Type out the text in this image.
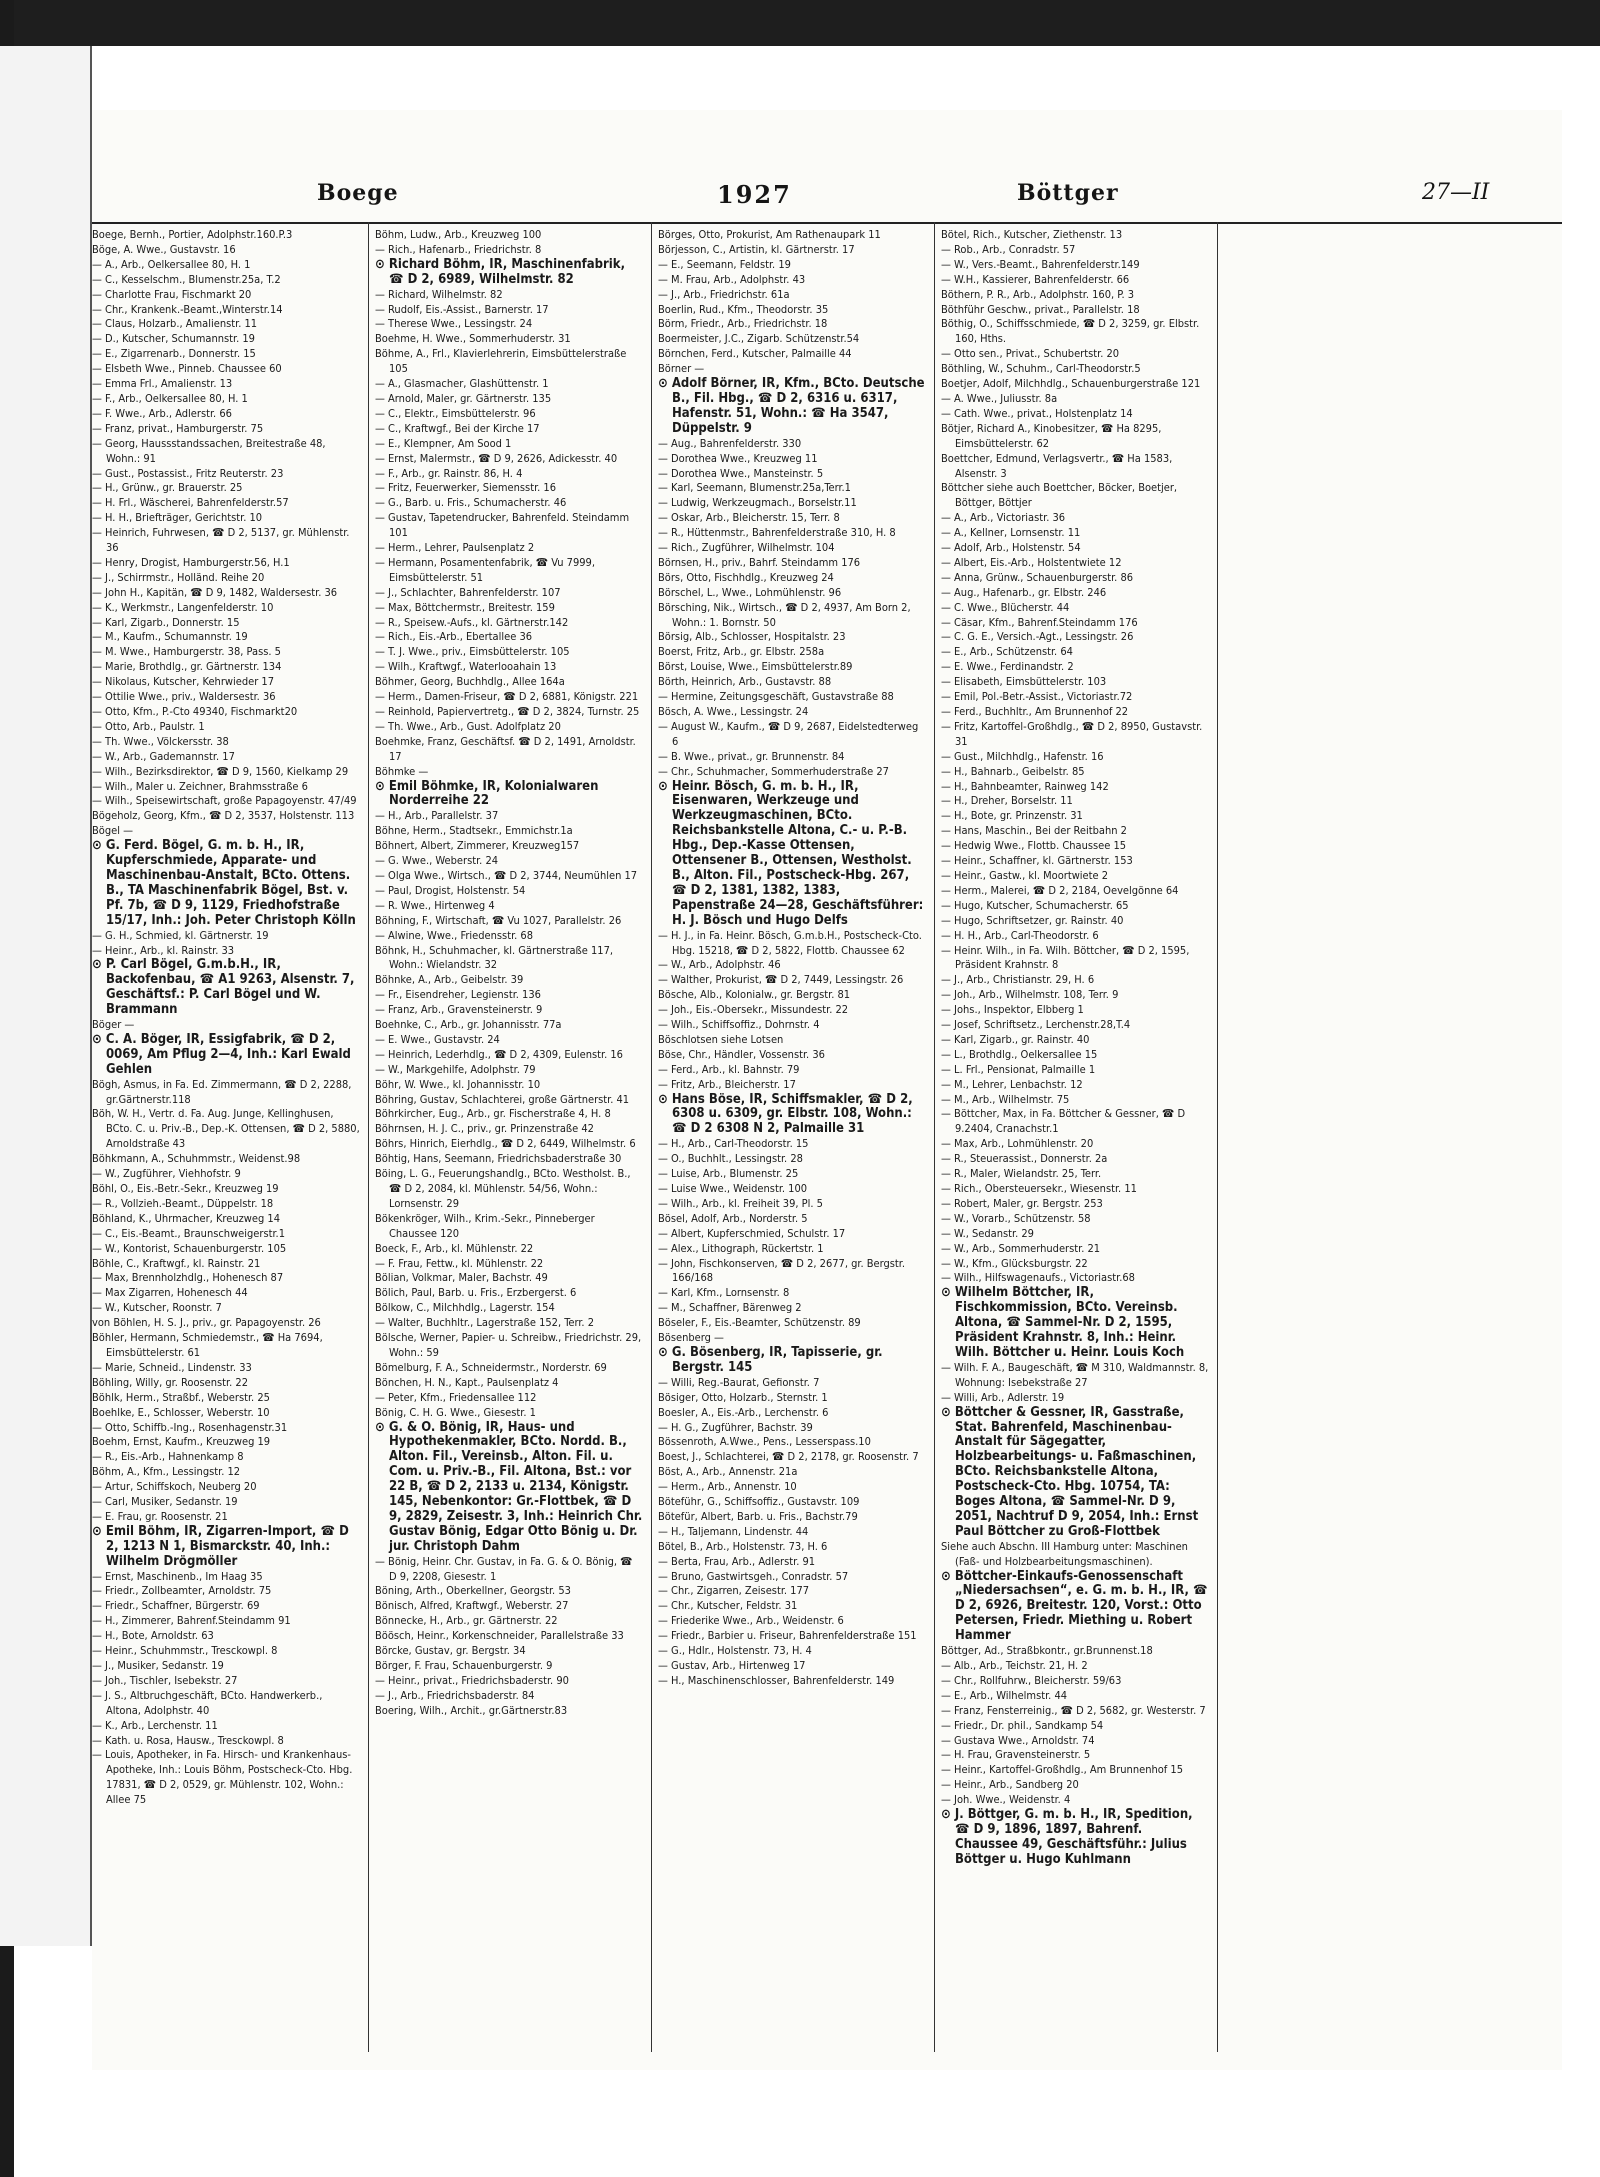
Boege	1927	Böttger	27—II

Boege, Bernh., Portier, Adolphstr.160.P.3

Böge, A. Wwe., Gustavstr. 16

— A., Arb., Oelkersallee 80, H. 1

— C., Kesselschm., Blumenstr.25a, T.2

— Charlotte Frau, Fischmarkt 20

— Chr., Krankenk.-Beamt.,Winterstr.14

— Claus, Holzarb., Amalienstr. 11

— D., Kutscher, Schumannstr. 19

— E., Zigarrenarb., Donnerstr. 15

— Elsbeth Wwe., Pinneb. Chaussee 60

— Emma Frl., Amalienstr. 13

— F., Arb., Oelkersallee 80, H. 1

— F. Wwe., Arb., Adlerstr. 66

— Franz, privat., Hamburgerstr. 75

— Georg, Haussstandssachen, Breitestraße 48, Wohn.: 91

— Gust., Postassist., Fritz Reuterstr. 23

— H., Grünw., gr. Brauerstr. 25

— H. Frl., Wäscherei, Bahrenfelderstr.57

— H. H., Briefträger, Gerichtstr. 10

— Heinrich, Fuhrwesen, ☎ D 2, 5137, gr. Mühlenstr. 36

— Henry, Drogist, Hamburgerstr.56, H.1

— J., Schirrmstr., Holländ. Reihe 20

— John H., Kapitän, ☎ D 9, 1482, Waldersestr. 36

— K., Werkmstr., Langenfelderstr. 10

— Karl, Zigarb., Donnerstr. 15

— M., Kaufm., Schumannstr. 19

— M. Wwe., Hamburgerstr. 38, Pass. 5

— Marie, Brothdlg., gr. Gärtnerstr. 134

— Nikolaus, Kutscher, Kehrwieder 17

— Ottilie Wwe., priv., Waldersestr. 36

— Otto, Kfm., P.-Cto 49340, Fischmarkt20

— Otto, Arb., Paulstr. 1

— Th. Wwe., Völckersstr. 38

— W., Arb., Gademannstr. 17

— Wilh., Bezirksdirektor, ☎ D 9, 1560, Kielkamp 29

— Wilh., Maler u. Zeichner, Brahmsstraße 6

— Wilh., Speisewirtschaft, große Papagoyenstr. 47/49

Bögeholz, Georg, Kfm., ☎ D 2, 3537, Holstenstr. 113

Bögel —

⊙ G. Ferd. Bögel, G. m. b. H., IR, Kupferschmiede, Apparate- und Maschinenbau-Anstalt, BCto. Ottens. B., TA Maschinenfabrik Bögel, Bst. v. Pf. 7b, ☎ D 9, 1129, Friedhofstraße 15/17, Inh.: Joh. Peter Christoph Kölln

— G. H., Schmied, kl. Gärtnerstr. 19

— Heinr., Arb., kl. Rainstr. 33

⊙ P. Carl Bögel, G.m.b.H., IR, Backofenbau, ☎ A1 9263, Alsenstr. 7, Geschäftsf.: P. Carl Bögel und W. Brammann

Böger —

⊙ C. A. Böger, IR, Essigfabrik, ☎ D 2, 0069, Am Pflug 2—4, Inh.: Karl Ewald Gehlen

Bögh, Asmus, in Fa. Ed. Zimmermann, ☎ D 2, 2288, gr.Gärtnerstr.118

Böh, W. H., Vertr. d. Fa. Aug. Junge, Kellinghusen, BCto. C. u. Priv.-B., Dep.-K. Ottensen, ☎ D 2, 5880, Arnoldstraße 43

Böhkmann, A., Schuhmmstr., Weidenst.98

— W., Zugführer, Viehhofstr. 9

Böhl, O., Eis.-Betr.-Sekr., Kreuzweg 19

— R., Vollzieh.-Beamt., Düppelstr. 18

Böhland, K., Uhrmacher, Kreuzweg 14

— C., Eis.-Beamt., Braunschweigerstr.1

— W., Kontorist, Schauenburgerstr. 105

Böhle, C., Kraftwgf., kl. Rainstr. 21

— Max, Brennholzhdlg., Hohenesch 87

— Max Zigarren, Hohenesch 44

— W., Kutscher, Roonstr. 7

von Böhlen, H. S. J., priv., gr. Papagoyenstr. 26

Böhler, Hermann, Schmiedemstr., ☎ Ha 7694, Eimsbüttelerstr. 61

— Marie, Schneid., Lindenstr. 33

Böhling, Willy, gr. Roosenstr. 22

Böhlk, Herm., Straßbf., Weberstr. 25

Boehlke, E., Schlosser, Weberstr. 10

— Otto, Schiffb.-Ing., Rosenhagenstr.31

Boehm, Ernst, Kaufm., Kreuzweg 19

— R., Eis.-Arb., Hahnenkamp 8

Böhm, A., Kfm., Lessingstr. 12

— Artur, Schiffskoch, Neuberg 20

— Carl, Musiker, Sedanstr. 19

— E. Frau, gr. Roosenstr. 21

⊙ Emil Böhm, IR, Zigarren-Import, ☎ D 2, 1213 N 1, Bismarckstr. 40, Inh.: Wilhelm Drögmöller

— Ernst, Maschinenb., Im Haag 35

— Friedr., Zollbeamter, Arnoldstr. 75

— Friedr., Schaffner, Bürgerstr. 69

— H., Zimmerer, Bahrenf.Steindamm 91

— H., Bote, Arnoldstr. 63

— Heinr., Schuhmmstr., Tresckowpl. 8

— J., Musiker, Sedanstr. 19

— Joh., Tischler, Isebekstr. 27

— J. S., Altbruchgeschäft, BCto. Handwerkerb., Altona, Adolphstr. 40

— K., Arb., Lerchenstr. 11

— Kath. u. Rosa, Hausw., Tresckowpl. 8

— Louis, Apotheker, in Fa. Hirsch- und Krankenhaus-Apotheke, Inh.: Louis Böhm, Postscheck-Cto. Hbg. 17831, ☎ D 2, 0529, gr. Mühlenstr. 102, Wohn.: Allee 75

Böhm, Ludw., Arb., Kreuzweg 100

— Rich., Hafenarb., Friedrichstr. 8

⊙ Richard Böhm, IR, Maschinenfabrik, ☎ D 2, 6989, Wilhelmstr. 82

— Richard, Wilhelmstr. 82

— Rudolf, Eis.-Assist., Barnerstr. 17

— Therese Wwe., Lessingstr. 24

Boehme, H. Wwe., Sommerhuderstr. 31

Böhme, A., Frl., Klavierlehrerin, Eimsbüttelerstraße 105

— A., Glasmacher, Glashüttenstr. 1

— Arnold, Maler, gr. Gärtnerstr. 135

— C., Elektr., Eimsbüttelerstr. 96

— C., Kraftwgf., Bei der Kirche 17

— E., Klempner, Am Sood 1

— Ernst, Malermstr., ☎ D 9, 2626, Adickesstr. 40

— F., Arb., gr. Rainstr. 86, H. 4

— Fritz, Feuerwerker, Siemensstr. 16

— G., Barb. u. Fris., Schumacherstr. 46

— Gustav, Tapetendrucker, Bahrenfeld. Steindamm 101

— Herm., Lehrer, Paulsenplatz 2

— Hermann, Posamentenfabrik, ☎ Vu 7999, Eimsbüttelerstr. 51

— J., Schlachter, Bahrenfelderstr. 107

— Max, Böttchermstr., Breitestr. 159

— R., Speisew.-Aufs., kl. Gärtnerstr.142

— Rich., Eis.-Arb., Ebertallee 36

— T. J. Wwe., priv., Eimsbüttelerstr. 105

— Wilh., Kraftwgf., Waterlooahain 13

Böhmer, Georg, Buchhdlg., Allee 164a

— Herm., Damen-Friseur, ☎ D 2, 6881, Königstr. 221

— Reinhold, Papiervertretg., ☎ D 2, 3824, Turnstr. 25

— Th. Wwe., Arb., Gust. Adolfplatz 20

Boehmke, Franz, Geschäftsf. ☎ D 2, 1491, Arnoldstr. 17

Böhmke —

⊙ Emil Böhmke, IR, Kolonialwaren Norderreihe 22

— H., Arb., Parallelstr. 37

Böhne, Herm., Stadtsekr., Emmichstr.1a

Böhnert, Albert, Zimmerer, Kreuzweg157

— G. Wwe., Weberstr. 24

— Olga Wwe., Wirtsch., ☎ D 2, 3744, Neumühlen 17

— Paul, Drogist, Holstenstr. 54

— R. Wwe., Hirtenweg 4

Böhning, F., Wirtschaft, ☎ Vu 1027, Parallelstr. 26

— Alwine, Wwe., Friedensstr. 68

Böhnk, H., Schuhmacher, kl. Gärtnerstraße 117, Wohn.: Wielandstr. 32

Böhnke, A., Arb., Geibelstr. 39

— Fr., Eisendreher, Legienstr. 136

— Franz, Arb., Gravensteinerstr. 9

Boehnke, C., Arb., gr. Johannisstr. 77a

— E. Wwe., Gustavstr. 24

— Heinrich, Lederhdlg., ☎ D 2, 4309, Eulenstr. 16

— W., Markgehilfe, Adolphstr. 79

Böhr, W. Wwe., kl. Johannisstr. 10

Böhring, Gustav, Schlachterei, große Gärtnerstr. 41

Böhrkircher, Eug., Arb., gr. Fischerstraße 4, H. 8

Böhrnsen, H. J. C., priv., gr. Prinzenstraße 42

Böhrs, Hinrich, Eierhdlg., ☎ D 2, 6449, Wilhelmstr. 6

Böhtig, Hans, Seemann, Friedrichsbaderstraße 30

Böing, L. G., Feuerungshandlg., BCto. Westholst. B., ☎ D 2, 2084, kl. Mühlenstr. 54/56, Wohn.: Lornsenstr. 29

Bökenkröger, Wilh., Krim.-Sekr., Pinneberger Chaussee 120

Boeck, F., Arb., kl. Mühlenstr. 22

— F. Frau, Fettw., kl. Mühlenstr. 22

Bölian, Volkmar, Maler, Bachstr. 49

Bölich, Paul, Barb. u. Fris., Erzbergerst. 6

Bölkow, C., Milchhdlg., Lagerstr. 154

— Walter, Buchhltr., Lagerstraße 152, Terr. 2

Bölsche, Werner, Papier- u. Schreibw., Friedrichstr. 29, Wohn.: 59

Bömelburg, F. A., Schneidermstr., Norderstr. 69

Bönchen, H. N., Kapt., Paulsenplatz 4

— Peter, Kfm., Friedensallee 112

Bönig, C. H. G. Wwe., Giesestr. 1

⊙ G. & O. Bönig, IR, Haus- und Hypothekenmakler, BCto. Nordd. B., Alton. Fil., Vereinsb., Alton. Fil. u. Com. u. Priv.-B., Fil. Altona, Bst.: vor 22 B, ☎ D 2, 2133 u. 2134, Königstr. 145, Nebenkontor: Gr.-Flottbek, ☎ D 9, 2829, Zeisestr. 3, Inh.: Heinrich Chr. Gustav Bönig, Edgar Otto Bönig u. Dr. jur. Christoph Dahm

— Bönig, Heinr. Chr. Gustav, in Fa. G. & O. Bönig, ☎ D 9, 2208, Giesestr. 1

Böning, Arth., Oberkellner, Georgstr. 53

Bönisch, Alfred, Kraftwgf., Weberstr. 27

Bönnecke, H., Arb., gr. Gärtnerstr. 22

Böösch, Heinr., Korkenschneider, Parallelstraße 33

Börcke, Gustav, gr. Bergstr. 34

Börger, F. Frau, Schauenburgerstr. 9

— Heinr., privat., Friedrichsbaderstr. 90

— J., Arb., Friedrichsbaderstr. 84

Boering, Wilh., Archit., gr.Gärtnerstr.83

Börges, Otto, Prokurist, Am Rathenaupark 11

Börjesson, C., Artistin, kl. Gärtnerstr. 17

— E., Seemann, Feldstr. 19

— M. Frau, Arb., Adolphstr. 43

— J., Arb., Friedrichstr. 61a

Boerlin, Rud., Kfm., Theodorstr. 35

Börm, Friedr., Arb., Friedrichstr. 18

Boermeister, J.C., Zigarb. Schützenstr.54

Börnchen, Ferd., Kutscher, Palmaille 44

Börner —

⊙ Adolf Börner, IR, Kfm., BCto. Deutsche B., Fil. Hbg., ☎ D 2, 6316 u. 6317, Hafenstr. 51, Wohn.: ☎ Ha 3547, Düppelstr. 9

— Aug., Bahrenfelderstr. 330

— Dorothea Wwe., Kreuzweg 11

— Dorothea Wwe., Mansteinstr. 5

— Karl, Seemann, Blumenstr.25a,Terr.1

— Ludwig, Werkzeugmach., Borselstr.11

— Oskar, Arb., Bleicherstr. 15, Terr. 8

— R., Hüttenmstr., Bahrenfelderstraße 310, H. 8

— Rich., Zugführer, Wilhelmstr. 104

Börnsen, H., priv., Bahrf. Steindamm 176

Börs, Otto, Fischhdlg., Kreuzweg 24

Börschel, L., Wwe., Lohmühlenstr. 96

Börsching, Nik., Wirtsch., ☎ D 2, 4937, Am Born 2, Wohn.: 1. Bornstr. 50

Börsig, Alb., Schlosser, Hospitalstr. 23

Boerst, Fritz, Arb., gr. Elbstr. 258a

Börst, Louise, Wwe., Eimsbüttelerstr.89

Börth, Heinrich, Arb., Gustavstr. 88

— Hermine, Zeitungsgeschäft, Gustavstraße 88

Bösch, A. Wwe., Lessingstr. 24

— August W., Kaufm., ☎ D 9, 2687, Eidelstedterweg 6

— B. Wwe., privat., gr. Brunnenstr. 84

— Chr., Schuhmacher, Sommerhuderstraße 27

⊙ Heinr. Bösch, G. m. b. H., IR, Eisenwaren, Werkzeuge und Werkzeugmaschinen, BCto. Reichsbankstelle Altona, C.- u. P.-B. Hbg., Dep.-Kasse Ottensen, Ottensener B., Ottensen, Westholst. B., Alton. Fil., Postscheck-Hbg. 267, ☎ D 2, 1381, 1382, 1383, Papenstraße 24—28, Geschäftsführer: H. J. Bösch und Hugo Delfs

— H. J., in Fa. Heinr. Bösch, G.m.b.H., Postscheck-Cto. Hbg. 15218, ☎ D 2, 5822, Flottb. Chaussee 62

— W., Arb., Adolphstr. 46

— Walther, Prokurist, ☎ D 2, 7449, Lessingstr. 26

Bösche, Alb., Kolonialw., gr. Bergstr. 81

— Joh., Eis.-Obersekr., Missundestr. 22

— Wilh., Schiffsoffiz., Dohrnstr. 4

Böschlotsen siehe Lotsen

Böse, Chr., Händler, Vossenstr. 36

— Ferd., Arb., kl. Bahnstr. 79

— Fritz, Arb., Bleicherstr. 17

⊙ Hans Böse, IR, Schiffsmakler, ☎ D 2, 6308 u. 6309, gr. Elbstr. 108, Wohn.: ☎ D 2 6308 N 2, Palmaille 31

— H., Arb., Carl-Theodorstr. 15

— O., Buchhlt., Lessingstr. 28

— Luise, Arb., Blumenstr. 25

— Luise Wwe., Weidenstr. 100

— Wilh., Arb., kl. Freiheit 39, Pl. 5

Bösel, Adolf, Arb., Norderstr. 5

— Albert, Kupferschmied, Schulstr. 17

— Alex., Lithograph, Rückertstr. 1

— John, Fischkonserven, ☎ D 2, 2677, gr. Bergstr. 166/168

— Karl, Kfm., Lornsenstr. 8

— M., Schaffner, Bärenweg 2

Böseler, F., Eis.-Beamter, Schützenstr. 89

Bösenberg —

⊙ G. Bösenberg, IR, Tapisserie, gr. Bergstr. 145

— Willi, Reg.-Baurat, Gefionstr. 7

Bösiger, Otto, Holzarb., Sternstr. 1

Boesler, A., Eis.-Arb., Lerchenstr. 6

— H. G., Zugführer, Bachstr. 39

Bössenroth, A.Wwe., Pens., Lesserspass.10

Boest, J., Schlachterei, ☎ D 2, 2178, gr. Roosenstr. 7

Böst, A., Arb., Annenstr. 21a

— Herm., Arb., Annenstr. 10

Böteführ, G., Schiffsoffiz., Gustavstr. 109

Bötefür, Albert, Barb. u. Fris., Bachstr.79

— H., Taljemann, Lindenstr. 44

Bötel, B., Arb., Holstenstr. 73, H. 6

— Berta, Frau, Arb., Adlerstr. 91

— Bruno, Gastwirtsgeh., Conradstr. 57

— Chr., Zigarren, Zeisestr. 177

— Chr., Kutscher, Feldstr. 31

— Friederike Wwe., Arb., Weidenstr. 6

— Friedr., Barbier u. Friseur, Bahrenfelderstraße 151

— G., Hdlr., Holstenstr. 73, H. 4

— Gustav, Arb., Hirtenweg 17

— H., Maschinenschlosser, Bahrenfelderstr. 149

Bötel, Rich., Kutscher, Ziethenstr. 13

— Rob., Arb., Conradstr. 57

— W., Vers.-Beamt., Bahrenfelderstr.149

— W.H., Kassierer, Bahrenfelderstr. 66

Böthern, P. R., Arb., Adolphstr. 160, P. 3

Böthführ Geschw., privat., Parallelstr. 18

Böthig, O., Schiffsschmiede, ☎ D 2, 3259, gr. Elbstr. 160, Hths.

— Otto sen., Privat., Schubertstr. 20

Böthling, W., Schuhm., Carl-Theodorstr.5

Boetjer, Adolf, Milchhdlg., Schauenburgerstraße 121

— A. Wwe., Juliusstr. 8a

— Cath. Wwe., privat., Holstenplatz 14

Bötjer, Richard A., Kinobesitzer, ☎ Ha 8295, Eimsbüttelerstr. 62

Boettcher, Edmund, Verlagsvertr., ☎ Ha 1583, Alsenstr. 3

Böttcher siehe auch Boettcher, Böcker, Boetjer, Böttger, Böttjer

— A., Arb., Victoriastr. 36

— A., Kellner, Lornsenstr. 11

— Adolf, Arb., Holstenstr. 54

— Albert, Eis.-Arb., Holstentwiete 12

— Anna, Grünw., Schauenburgerstr. 86

— Aug., Hafenarb., gr. Elbstr. 246

— C. Wwe., Blücherstr. 44

— Cäsar, Kfm., Bahrenf.Steindamm 176

— C. G. E., Versich.-Agt., Lessingstr. 26

— E., Arb., Schützenstr. 64

— E. Wwe., Ferdinandstr. 2

— Elisabeth, Eimsbüttelerstr. 103

— Emil, Pol.-Betr.-Assist., Victoriastr.72

— Ferd., Buchhltr., Am Brunnenhof 22

— Fritz, Kartoffel-Großhdlg., ☎ D 2, 8950, Gustavstr. 31

— Gust., Milchhdlg., Hafenstr. 16

— H., Bahnarb., Geibelstr. 85

— H., Bahnbeamter, Rainweg 142

— H., Dreher, Borselstr. 11

— H., Bote, gr. Prinzenstr. 31

— Hans, Maschin., Bei der Reitbahn 2

— Hedwig Wwe., Flottb. Chaussee 15

— Heinr., Schaffner, kl. Gärtnerstr. 153

— Heinr., Gastw., kl. Moortwiete 2

— Herm., Malerei, ☎ D 2, 2184, Oevelgönne 64

— Hugo, Kutscher, Schumacherstr. 65

— Hugo, Schriftsetzer, gr. Rainstr. 40

— H. H., Arb., Carl-Theodorstr. 6

— Heinr. Wilh., in Fa. Wilh. Böttcher, ☎ D 2, 1595, Präsident Krahnstr. 8

— J., Arb., Christianstr. 29, H. 6

— Joh., Arb., Wilhelmstr. 108, Terr. 9

— Johs., Inspektor, Elbberg 1

— Josef, Schriftsetz., Lerchenstr.28,T.4

— Karl, Zigarb., gr. Rainstr. 40

— L., Brothdlg., Oelkersallee 15

— L. Frl., Pensionat, Palmaille 1

— M., Lehrer, Lenbachstr. 12

— M., Arb., Wilhelmstr. 75

— Böttcher, Max, in Fa. Böttcher & Gessner, ☎ D 9.2404, Cranachstr.1

— Max, Arb., Lohmühlenstr. 20

— R., Steuerassist., Donnerstr. 2a

— R., Maler, Wielandstr. 25, Terr.

— Rich., Obersteuersekr., Wiesenstr. 11

— Robert, Maler, gr. Bergstr. 253

— W., Vorarb., Schützenstr. 58

— W., Sedanstr. 29

— W., Arb., Sommerhuderstr. 21

— W., Kfm., Glücksburgstr. 22

— Wilh., Hilfswagenaufs., Victoriastr.68

⊙ Wilhelm Böttcher, IR, Fischkommission, BCto. Vereinsb. Altona, ☎ Sammel-Nr. D 2, 1595, Präsident Krahnstr. 8, Inh.: Heinr. Wilh. Böttcher u. Heinr. Louis Koch

— Wilh. F. A., Baugeschäft, ☎ M 310, Waldmannstr. 8, Wohnung: Isebekstraße 27

— Willi, Arb., Adlerstr. 19

⊙ Böttcher & Gessner, IR, Gasstraße, Stat. Bahrenfeld, Maschinenbau-Anstalt für Sägegatter, Holzbearbeitungs- u. Faßmaschinen, BCto. Reichsbankstelle Altona, Postscheck-Cto. Hbg. 10754, TA: Boges Altona, ☎ Sammel-Nr. D 9, 2051, Nachtruf D 9, 2054, Inh.: Ernst Paul Böttcher zu Groß-Flottbek

Siehe auch Abschn. III Hamburg unter: Maschinen (Faß- und Holzbearbeitungsmaschinen).

⊙ Böttcher-Einkaufs-Genossenschaft „Niedersachsen“, e. G. m. b. H., IR, ☎ D 2, 6926, Breitestr. 120, Vorst.: Otto Petersen, Friedr. Miething u. Robert Hammer

Böttger, Ad., Straßbkontr., gr.Brunnenst.18

— Alb., Arb., Teichstr. 21, H. 2

— Chr., Rollfuhrw., Bleicherstr. 59/63

— E., Arb., Wilhelmstr. 44

— Franz, Fensterreinig., ☎ D 2, 5682, gr. Westerstr. 7

— Friedr., Dr. phil., Sandkamp 54

— Gustava Wwe., Arnoldstr. 74

— H. Frau, Gravensteinerstr. 5

— Heinr., Kartoffel-Großhdlg., Am Brunnenhof 15

— Heinr., Arb., Sandberg 20

— Joh. Wwe., Weidenstr. 4

⊙ J. Böttger, G. m. b. H., IR, Spedition, ☎ D 9, 1896, 1897, Bahrenf. Chaussee 49, Geschäftsführ.: Julius Böttger u. Hugo Kuhlmann
